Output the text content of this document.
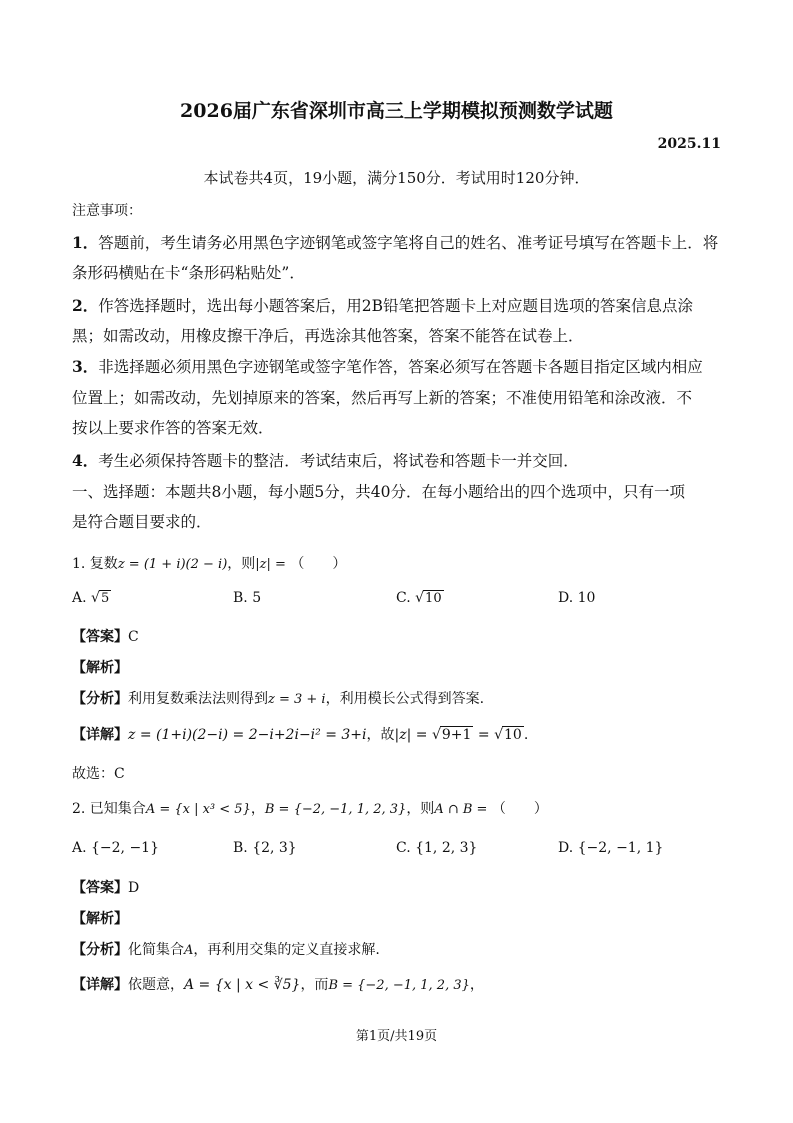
2026届广东省深圳市高三上学期模拟预测数学试题
2025.11
本试卷共4页，19小题，满分150分．考试用时120分钟．
注意事项：
1．答题前，考生请务必用黑色字迹钢笔或签字笔将自己的姓名、准考证号填写在答题卡上．将
条形码横贴在卡“条形码粘贴处”．
2．作答选择题时，选出每小题答案后，用2B铅笔把答题卡上对应题目选项的答案信息点涂
黑；如需改动，用橡皮擦干净后，再选涂其他答案，答案不能答在试卷上．
3．非选择题必须用黑色字迹钢笔或签字笔作答，答案必须写在答题卡各题目指定区域内相应
位置上；如需改动，先划掉原来的答案，然后再写上新的答案；不准使用铅笔和涂改液．不
按以上要求作答的答案无效．
4．考生必须保持答题卡的整洁．考试结束后，将试卷和答题卡一并交回．
一、选择题：本题共8小题，每小题5分，共40分．在每小题给出的四个选项中，只有一项
是符合题目要求的．
1. 复数z = (1 + i)(2 − i)，则|z| = （　　）
A. √5	B. 5	C. √10	D. 10
【答案】C
【解析】
【分析】利用复数乘法法则得到z = 3 + i，利用模长公式得到答案.
【详解】z = (1+i)(2−i) = 2−i+2i−i² = 3+i，故|z| = √9+1 = √10 .
故选：C
2. 已知集合A = {x | x³ < 5}，B = {−2, −1, 1, 2, 3}，则A ∩ B = （　　）
A. {−2, −1}	B. {2, 3}	C. {1, 2, 3}	D. {−2, −1, 1}
【答案】D
【解析】
【分析】化简集合A，再利用交集的定义直接求解.
【详解】依题意，A = {x | x < ∛5}，而B = {−2, −1, 1, 2, 3}，
第1页/共19页
